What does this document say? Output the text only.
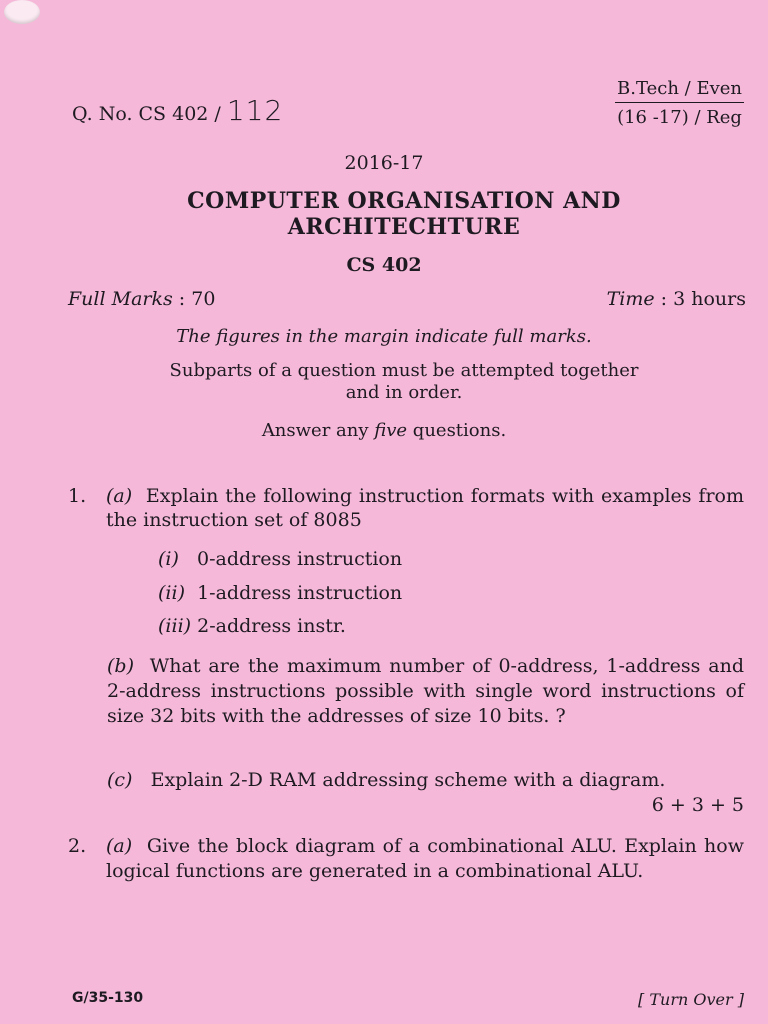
Q. No. CS 402 / 112
B.Tech / Even
(16 -17) / Reg
2016-17
COMPUTER ORGANISATION AND
ARCHITECHTURE
CS 402
Full Marks : 70	Time : 3 hours
The figures in the margin indicate full marks.
Subparts of a question must be attempted together and in order.
Answer any five questions.
1. (a) Explain the following instruction formats with examples from the instruction set of 8085
(i) 0-address instruction
(ii) 1-address instruction
(iii) 2-address instr.
(b) What are the maximum number of 0-address, 1-address and 2-address instructions possible with single word instructions of size 32 bits with the addresses of size 10 bits. ?
(c) Explain 2-D RAM addressing scheme with a diagram.
6 + 3 + 5
2. (a) Give the block diagram of a combinational ALU. Explain how logical functions are generated in a combinational ALU.
G/35-130	[ Turn Over ]
